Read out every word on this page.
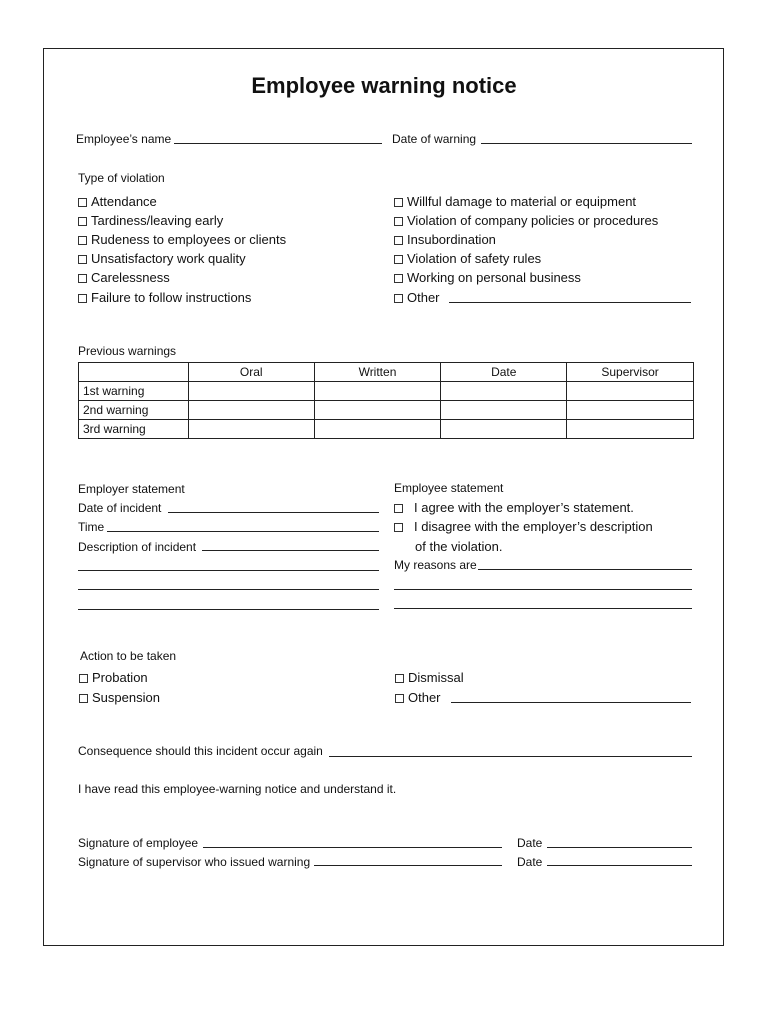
Employee warning notice
Employee’s name	Date of warning
Type of violation
Attendance
Tardiness/leaving early
Rudeness to employees or clients
Unsatisfactory work quality
Carelessness
Failure to follow instructions
Willful damage to material or equipment
Violation of company policies or procedures
Insubordination
Violation of safety rules
Working on personal business
Other
Previous warnings
	Oral	Written	Date	Supervisor
1st warning				
2nd warning				
3rd warning				
Employer statement
Date of incident
Time
Description of incident
Employee statement
I agree with the employer’s statement.
I disagree with the employer’s description
of the violation.
My reasons are
Action to be taken
Probation
Suspension
Dismissal
Other
Consequence should this incident occur again
I have read this employee-warning notice and understand it.
Signature of employee	Date
Signature of supervisor who issued warning	Date
